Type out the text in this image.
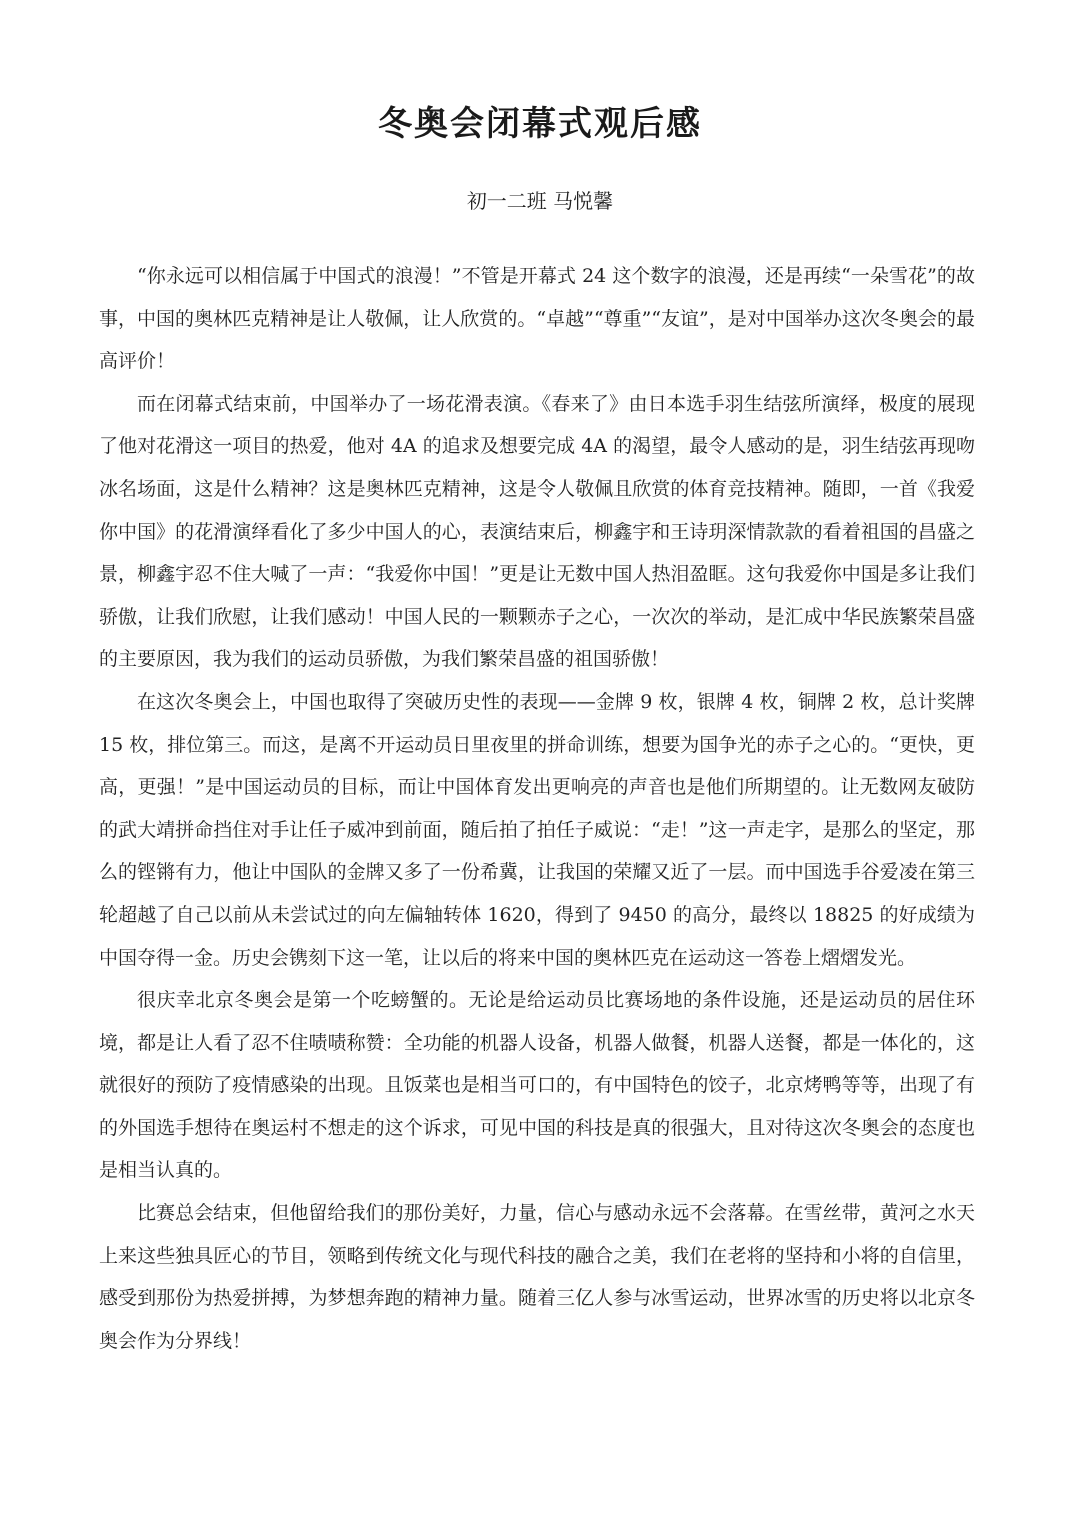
冬奥会闭幕式观后感
初一二班 马悦馨

“你永远可以相信属于中国式的浪漫！”不管是开幕式 24 这个数字的浪漫，还是再续“一朵雪花”的故事，中国的奥林匹克精神是让人敬佩，让人欣赏的。“卓越”“尊重”“友谊”，是对中国举办这次冬奥会的最高评价！

而在闭幕式结束前，中国举办了一场花滑表演。《春来了》由日本选手羽生结弦所演绎，极度的展现了他对花滑这一项目的热爱，他对 4A 的追求及想要完成 4A 的渴望，最令人感动的是，羽生结弦再现吻冰名场面，这是什么精神？这是奥林匹克精神，这是令人敬佩且欣赏的体育竞技精神。随即，一首《我爱你中国》的花滑演绎看化了多少中国人的心，表演结束后，柳鑫宇和王诗玥深情款款的看着祖国的昌盛之景，柳鑫宇忍不住大喊了一声：“我爱你中国！”更是让无数中国人热泪盈眶。这句我爱你中国是多让我们骄傲，让我们欣慰，让我们感动！中国人民的一颗颗赤子之心，一次次的举动，是汇成中华民族繁荣昌盛的主要原因，我为我们的运动员骄傲，为我们繁荣昌盛的祖国骄傲！

在这次冬奥会上，中国也取得了突破历史性的表现——金牌 9 枚，银牌 4 枚，铜牌 2 枚，总计奖牌 15 枚，排位第三。而这，是离不开运动员日里夜里的拼命训练，想要为国争光的赤子之心的。“更快，更高，更强！”是中国运动员的目标，而让中国体育发出更响亮的声音也是他们所期望的。让无数网友破防的武大靖拼命挡住对手让任子威冲到前面，随后拍了拍任子威说：“走！”这一声走字，是那么的坚定，那么的铿锵有力，他让中国队的金牌又多了一份希冀，让我国的荣耀又近了一层。而中国选手谷爱凌在第三轮超越了自己以前从未尝试过的向左偏轴转体 1620，得到了 9450 的高分，最终以 18825 的好成绩为中国夺得一金。历史会镌刻下这一笔，让以后的将来中国的奥林匹克在运动这一答卷上熠熠发光。

很庆幸北京冬奥会是第一个吃螃蟹的。无论是给运动员比赛场地的条件设施，还是运动员的居住环境，都是让人看了忍不住啧啧称赞：全功能的机器人设备，机器人做餐，机器人送餐，都是一体化的，这就很好的预防了疫情感染的出现。且饭菜也是相当可口的，有中国特色的饺子，北京烤鸭等等，出现了有的外国选手想待在奥运村不想走的这个诉求，可见中国的科技是真的很强大，且对待这次冬奥会的态度也是相当认真的。

比赛总会结束，但他留给我们的那份美好，力量，信心与感动永远不会落幕。在雪丝带，黄河之水天上来这些独具匠心的节目，领略到传统文化与现代科技的融合之美，我们在老将的坚持和小将的自信里，感受到那份为热爱拼搏，为梦想奔跑的精神力量。随着三亿人参与冰雪运动，世界冰雪的历史将以北京冬奥会作为分界线！
